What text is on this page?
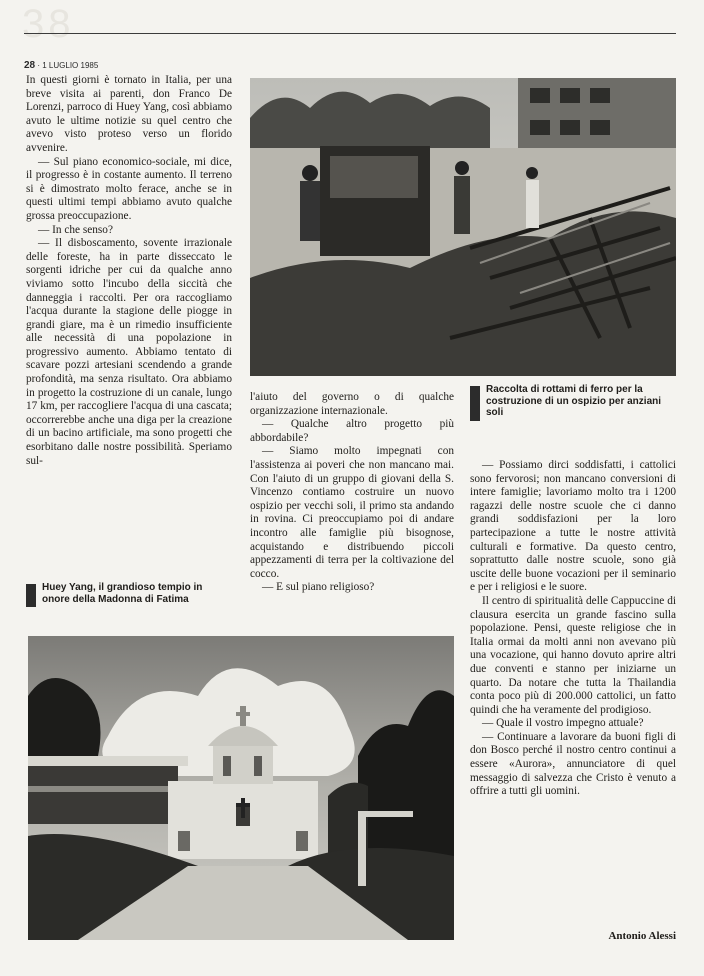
38
28 · 1 LUGLIO 1985

In questi giorni è tornato in Italia, per una breve visita ai parenti, don Franco De Lorenzi, parroco di Huey Yang, così abbiamo avuto le ultime notizie su quel centro che avevo visto proteso verso un florido avvenire.

— Sul piano economico-sociale, mi dice, il progresso è in costante aumento. Il terreno si è dimostrato molto ferace, anche se in questi ultimi tempi abbiamo avuto qualche grossa preoccupazione.

— In che senso?

— Il disboscamento, sovente irrazionale delle foreste, ha in parte disseccato le sorgenti idriche per cui da qualche anno viviamo sotto l'incubo della siccità che danneggia i raccolti. Per ora raccogliamo l'acqua durante la stagione delle piogge in grandi giare, ma è un rimedio insufficiente alle necessità di una popolazione in progressivo aumento. Abbiamo tentato di scavare pozzi artesiani scendendo a grande profondità, ma senza risultato. Ora abbiamo in progetto la costruzione di un canale, lungo 17 km, per raccogliere l'acqua di una cascata; occorrerebbe anche una diga per la creazione di un bacino artificiale, ma sono progetti che esorbitano dalle nostre possibilità. Speriamo sul-

l'aiuto del governo o di qualche organizzazione internazionale.

— Qualche altro progetto più abbordabile?

— Siamo molto impegnati con l'assistenza ai poveri che non mancano mai. Con l'aiuto di un gruppo di giovani della S. Vincenzo contiamo costruire un nuovo ospizio per vecchi soli, il primo sta andando in rovina. Ci preoccupiamo poi di andare incontro alle famiglie più bisognose, acquistando e distribuendo piccoli appezzamenti di terra per la coltivazione del cocco.

— E sul piano religioso?

Raccolta di rottami di ferro per la costruzione di un ospizio per anziani soli

— Possiamo dirci soddisfatti, i cattolici sono fervorosi; non mancano conversioni di intere famiglie; lavoriamo molto tra i 1200 ragazzi delle nostre scuole che ci danno grandi soddisfazioni per la loro partecipazione a tutte le nostre attività culturali e formative. Da questo centro, soprattutto dalle nostre scuole, sono già uscite delle buone vocazioni per il seminario e per i religiosi e le suore.

Il centro di spiritualità delle Cappuccine di clausura esercita un grande fascino sulla popolazione. Pensi, queste religiose che in Italia ormai da molti anni non avevano più una vocazione, qui hanno dovuto aprire altri due conventi e stanno per iniziarne un quarto. Da notare che tutta la Thailandia conta poco più di 200.000 cattolici, un fatto quindi che ha veramente del prodigioso.

— Quale il vostro impegno attuale?

— Continuare a lavorare da buoni figli di don Bosco perché il nostro centro continui a essere «Aurora», annunciatore di quel messaggio di salvezza che Cristo è venuto a offrire a tutti gli uomini.

Huey Yang, il grandioso tempio in onore della Madonna di Fatima
Antonio Alessi
